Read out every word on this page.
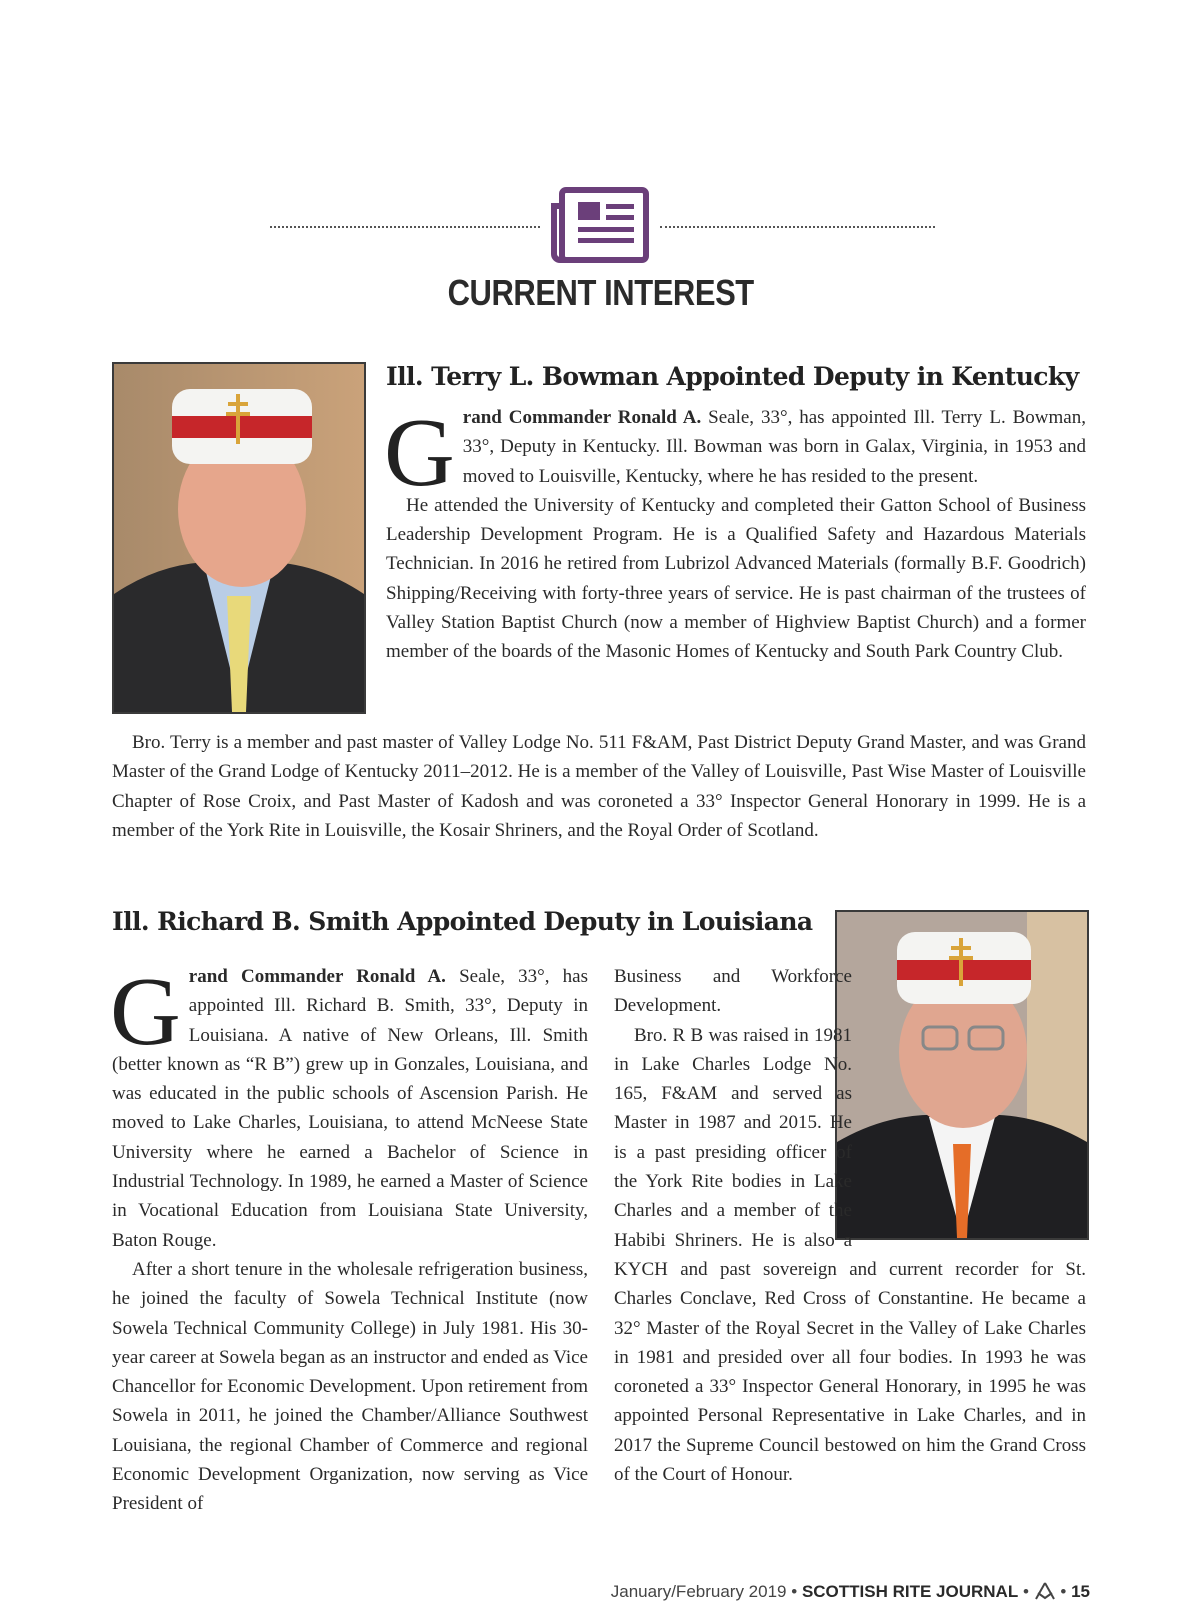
CURRENT INTEREST
Ill. Terry L. Bowman Appointed Deputy in Kentucky

Grand Commander Ronald A. Seale, 33°, has appointed Ill. Terry L. Bowman, 33°, Deputy in Kentucky. Ill. Bowman was born in Galax, Virginia, in 1953 and moved to Louisville, Kentucky, where he has resided to the present.

He attended the University of Kentucky and completed their Gatton School of Business Leadership Development Program. He is a Qualified Safety and Hazardous Materials Technician. In 2016 he retired from Lubrizol Advanced Materials (formally B.F. Goodrich) Shipping/Receiving with forty-three years of service. He is past chairman of the trustees of Valley Station Baptist Church (now a member of Highview Baptist Church) and a former member of the boards of the Masonic Homes of Kentucky and South Park Country Club.

Bro. Terry is a member and past master of Valley Lodge No. 511 F&AM, Past District Deputy Grand Master, and was Grand Master of the Grand Lodge of Kentucky 2011–2012. He is a member of the Valley of Louisville, Past Wise Master of Louisville Chapter of Rose Croix, and Past Master of Kadosh and was coroneted a 33° Inspector General Honorary in 1999. He is a member of the York Rite in Louisville, the Kosair Shriners, and the Royal Order of Scotland.

Ill. Richard B. Smith Appointed Deputy in Louisiana

Grand Commander Ronald A. Seale, 33°, has appointed Ill. Richard B. Smith, 33°, Deputy in Louisiana. A native of New Orleans, Ill. Smith (better known as “R B”) grew up in Gonzales, Louisiana, and was educated in the public schools of Ascension Parish. He moved to Lake Charles, Louisiana, to attend McNeese State University where he earned a Bachelor of Science in Industrial Technology. In 1989, he earned a Master of Science in Vocational Education from Louisiana State University, Baton Rouge.

After a short tenure in the wholesale refrigeration business, he joined the faculty of Sowela Technical Institute (now Sowela Technical Community College) in July 1981. His 30-year career at Sowela began as an instructor and ended as Vice Chancellor for Economic Development. Upon retirement from Sowela in 2011, he joined the Chamber/Alliance Southwest Louisiana, the regional Chamber of Commerce and regional Economic Development Organization, now serving as Vice President of

Business and Workforce Development.

Bro. R B was raised in 1981 in Lake Charles Lodge No. 165, F&AM and served as Master in 1987 and 2015. He is a past presiding officer of the York Rite bodies in Lake Charles and a member of the Habibi Shriners. He is also a KYCH and past sovereign and current recorder for St. Charles Conclave, Red Cross of Constantine. He became a 32° Master of the Royal Secret in the Valley of Lake Charles in 1981 and presided over all four bodies. In 1993 he was coroneted a 33° Inspector General Honorary, in 1995 he was appointed Personal Representative in Lake Charles, and in 2017 the Supreme Council bestowed on him the Grand Cross of the Court of Honour.

January/February 2019 • SCOTTISH RITE JOURNAL • • 15
